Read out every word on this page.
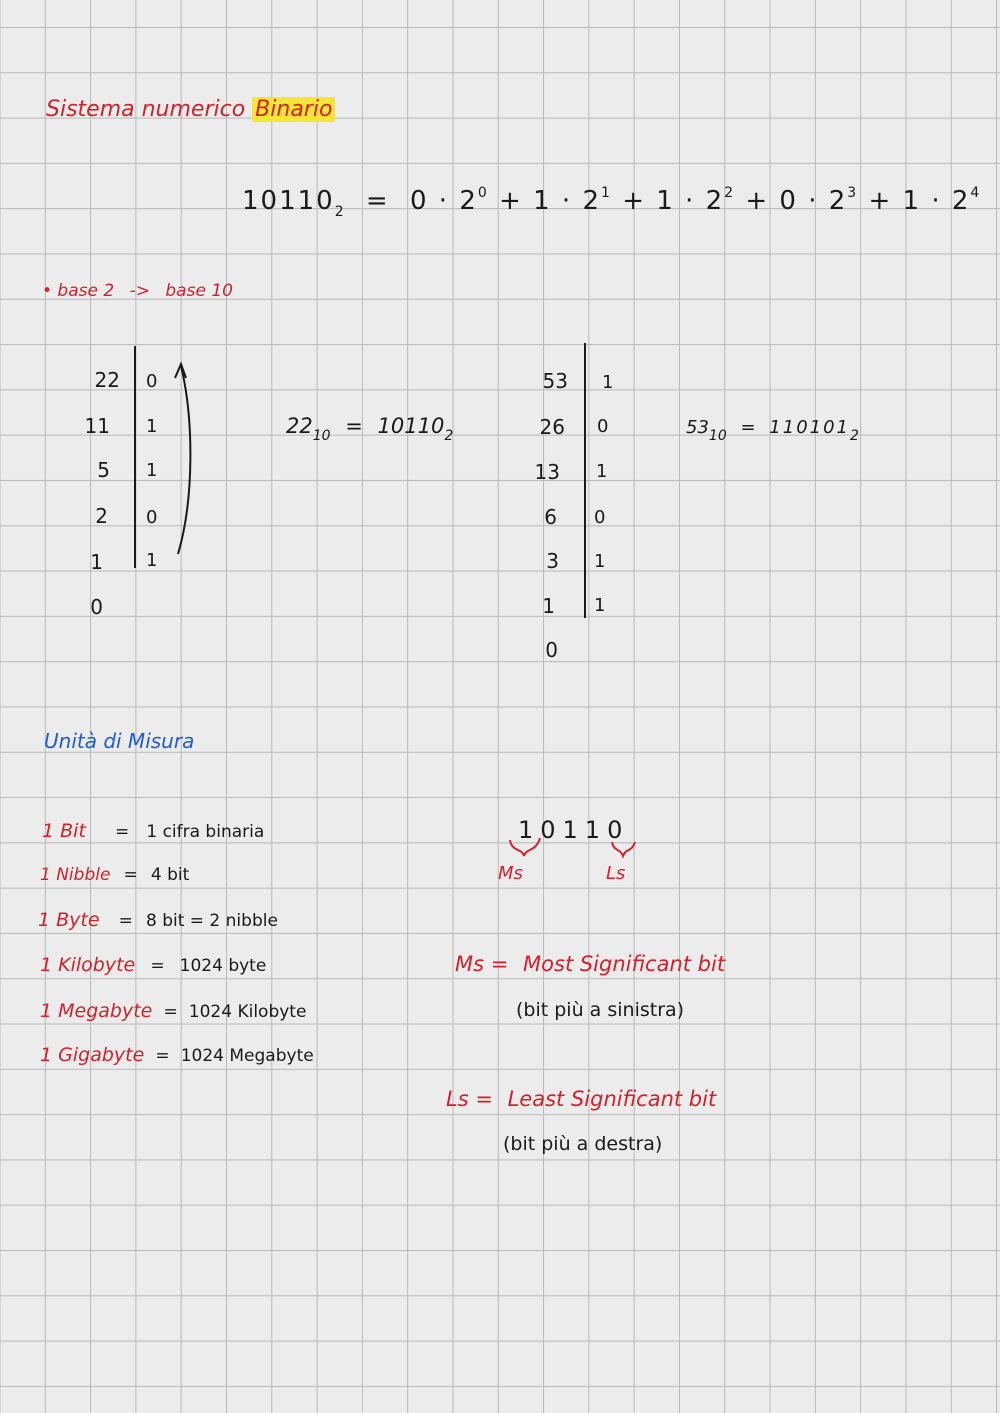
Sistema numerico Binario
$10110_2 = 0 \cdot 2^0 + 1 \cdot 2^1 + 1 \cdot 2^2 + 0 \cdot 2^3 + 1 \cdot 2^4$
• base 2 -> base 10
22
11
5
2
1
0
0
1
1
0
1
$22_{10} = 10110_2$
53
26
13
6
3
1
0
1
0
1
0
1
1
$53_{10} = 110101_2$
Unità di Misura
1 Bit = 1 cifra binaria
1 Nibble = 4 bit
1 Byte = 8 bit = 2 nibble
1 Kilobyte = 1024 byte
1 Megabyte = 1024 Kilobyte
1 Gigabyte = 1024 Megabyte
10110
Ms	Ls
Ms = Most Significant bit
(bit più a sinistra)
Ls = Least Significant bit
(bit più a destra)
